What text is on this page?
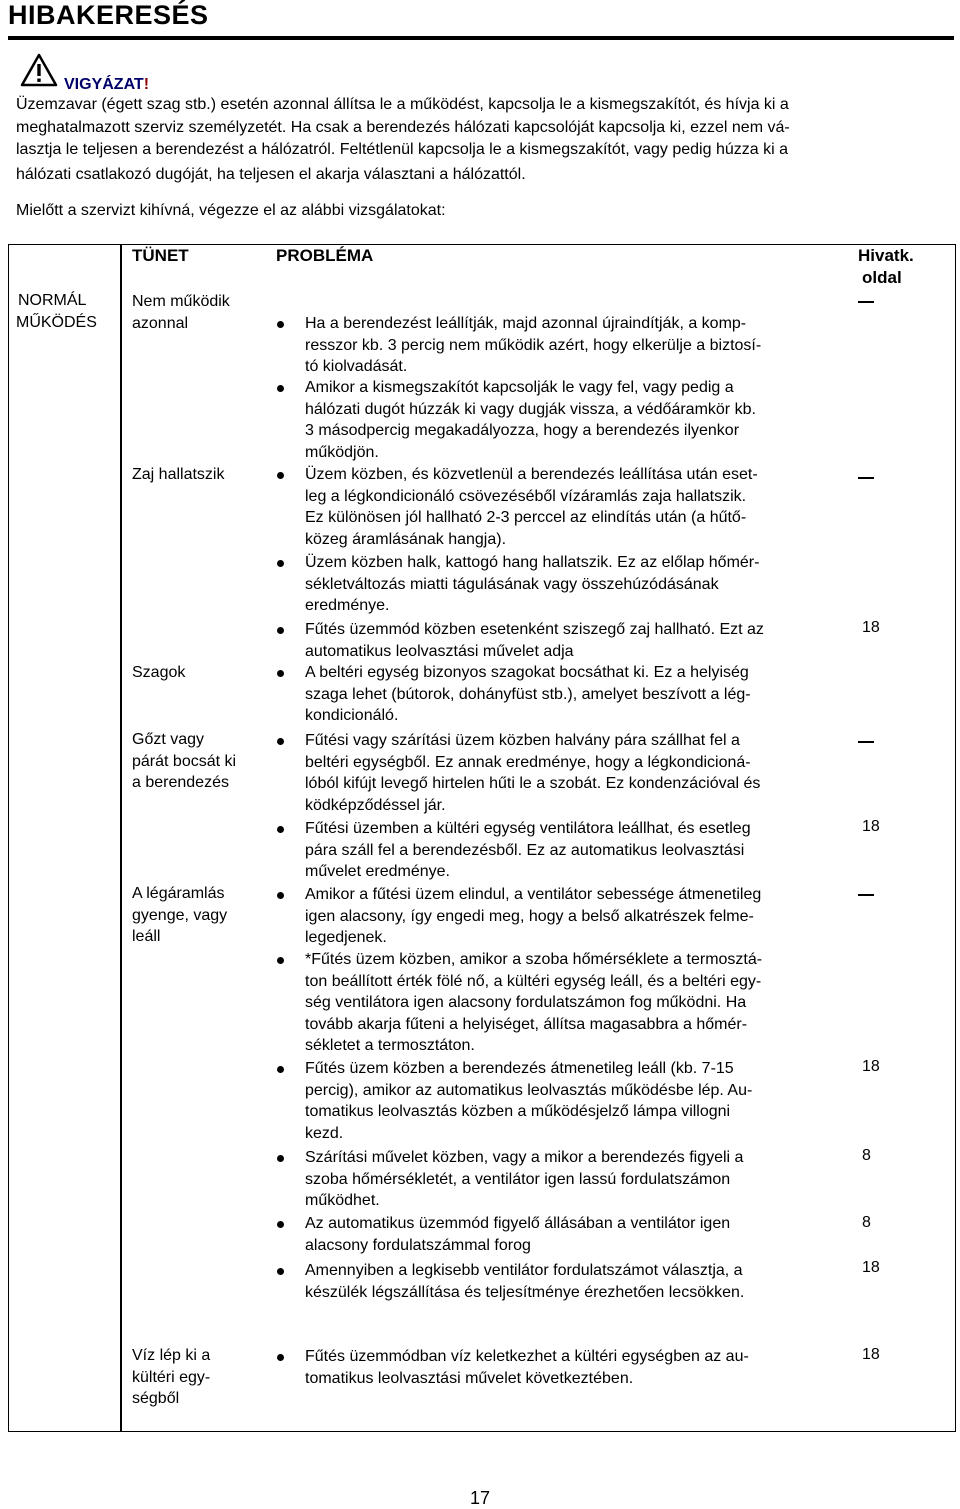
HIBAKERESÉS
VIGYÁZAT!
Üzemzavar (égett szag stb.) esetén azonnal állítsa le a működést, kapcsolja le a kismegszakítót, és hívja ki a
meghatalmazott szerviz személyzetét. Ha csak a berendezés hálózati kapcsolóját kapcsolja ki, ezzel nem vá-
lasztja le teljesen a berendezést a hálózatról. Feltétlenül kapcsolja le a kismegszakítót, vagy pedig húzza ki a
hálózati csatlakozó dugóját, ha teljesen el akarja választani a hálózattól.
Mielőtt a szervizt kihívná, végezze el az alábbi vizsgálatokat:
TÜNET	PROBLÉMA	Hivatk.
oldal
NORMÁL
MŰKÖDÉS
Nem működik
azonnal
Zaj hallatszik
Szagok
Gőzt vagy
párát bocsát ki
a berendezés
A légáramlás
gyenge, vagy
leáll
Víz lép ki a
kültéri egy-
ségből
Ha a berendezést leállítják, majd azonnal újraindítják, a komp-
resszor kb. 3 percig nem működik azért, hogy elkerülje a biztosí-
tó kiolvadását.
Amikor a kismegszakítót kapcsolják le vagy fel, vagy pedig a
hálózati dugót húzzák ki vagy dugják vissza, a védőáramkör kb.
3 másodpercig megakadályozza, hogy a berendezés ilyenkor
működjön.
Üzem közben, és közvetlenül a berendezés leállítása után eset-
leg a légkondicionáló csövezéséből vízáramlás zaja hallatszik.
Ez különösen jól hallható 2-3 perccel az elindítás után (a hűtő-
közeg áramlásának hangja).
Üzem közben halk, kattogó hang hallatszik. Ez az előlap hőmér-
sékletváltozás miatti tágulásának vagy összehúzódásának
eredménye.
Fűtés üzemmód közben esetenként sziszegő zaj hallható. Ezt az
automatikus leolvasztási művelet adja
A beltéri egység bizonyos szagokat bocsáthat ki. Ez a helyiség
szaga lehet (bútorok, dohányfüst stb.), amelyet beszívott a lég-
kondicionáló.
Fűtési vagy szárítási üzem közben halvány pára szállhat fel a
beltéri egységből. Ez annak eredménye, hogy a légkondicioná-
lóból kifújt levegő hirtelen hűti le a szobát. Ez kondenzációval és
ködképződéssel jár.
Fűtési üzemben a kültéri egység ventilátora leállhat, és esetleg
pára száll fel a berendezésből. Ez az automatikus leolvasztási
művelet eredménye.
Amikor a fűtési üzem elindul, a ventilátor sebessége átmenetileg
igen alacsony, így engedi meg, hogy a belső alkatrészek felme-
legedjenek.
*Fűtés üzem közben, amikor a szoba hőmérséklete a termosztá-
ton beállított érték fölé nő, a kültéri egység leáll, és a beltéri egy-
ség ventilátora igen alacsony fordulatszámon fog működni. Ha
tovább akarja fűteni a helyiséget, állítsa magasabbra a hőmér-
sékletet a termosztáton.
Fűtés üzem közben a berendezés átmenetileg leáll (kb. 7-15
percig), amikor az automatikus leolvasztás működésbe lép. Au-
tomatikus leolvasztás közben a működésjelző lámpa villogni
kezd.
Szárítási művelet közben, vagy a mikor a berendezés figyeli a
szoba hőmérsékletét, a ventilátor igen lassú fordulatszámon
működhet.
Az automatikus üzemmód figyelő állásában a ventilátor igen
alacsony fordulatszámmal forog
Amennyiben a legkisebb ventilátor fordulatszámot választja, a
készülék légszállítása és teljesítménye érezhetően lecsökken.
Fűtés üzemmódban víz keletkezhet a kültéri egységben az au-
tomatikus leolvasztási művelet következtében.
18
18
18
8
8
18
18
17
